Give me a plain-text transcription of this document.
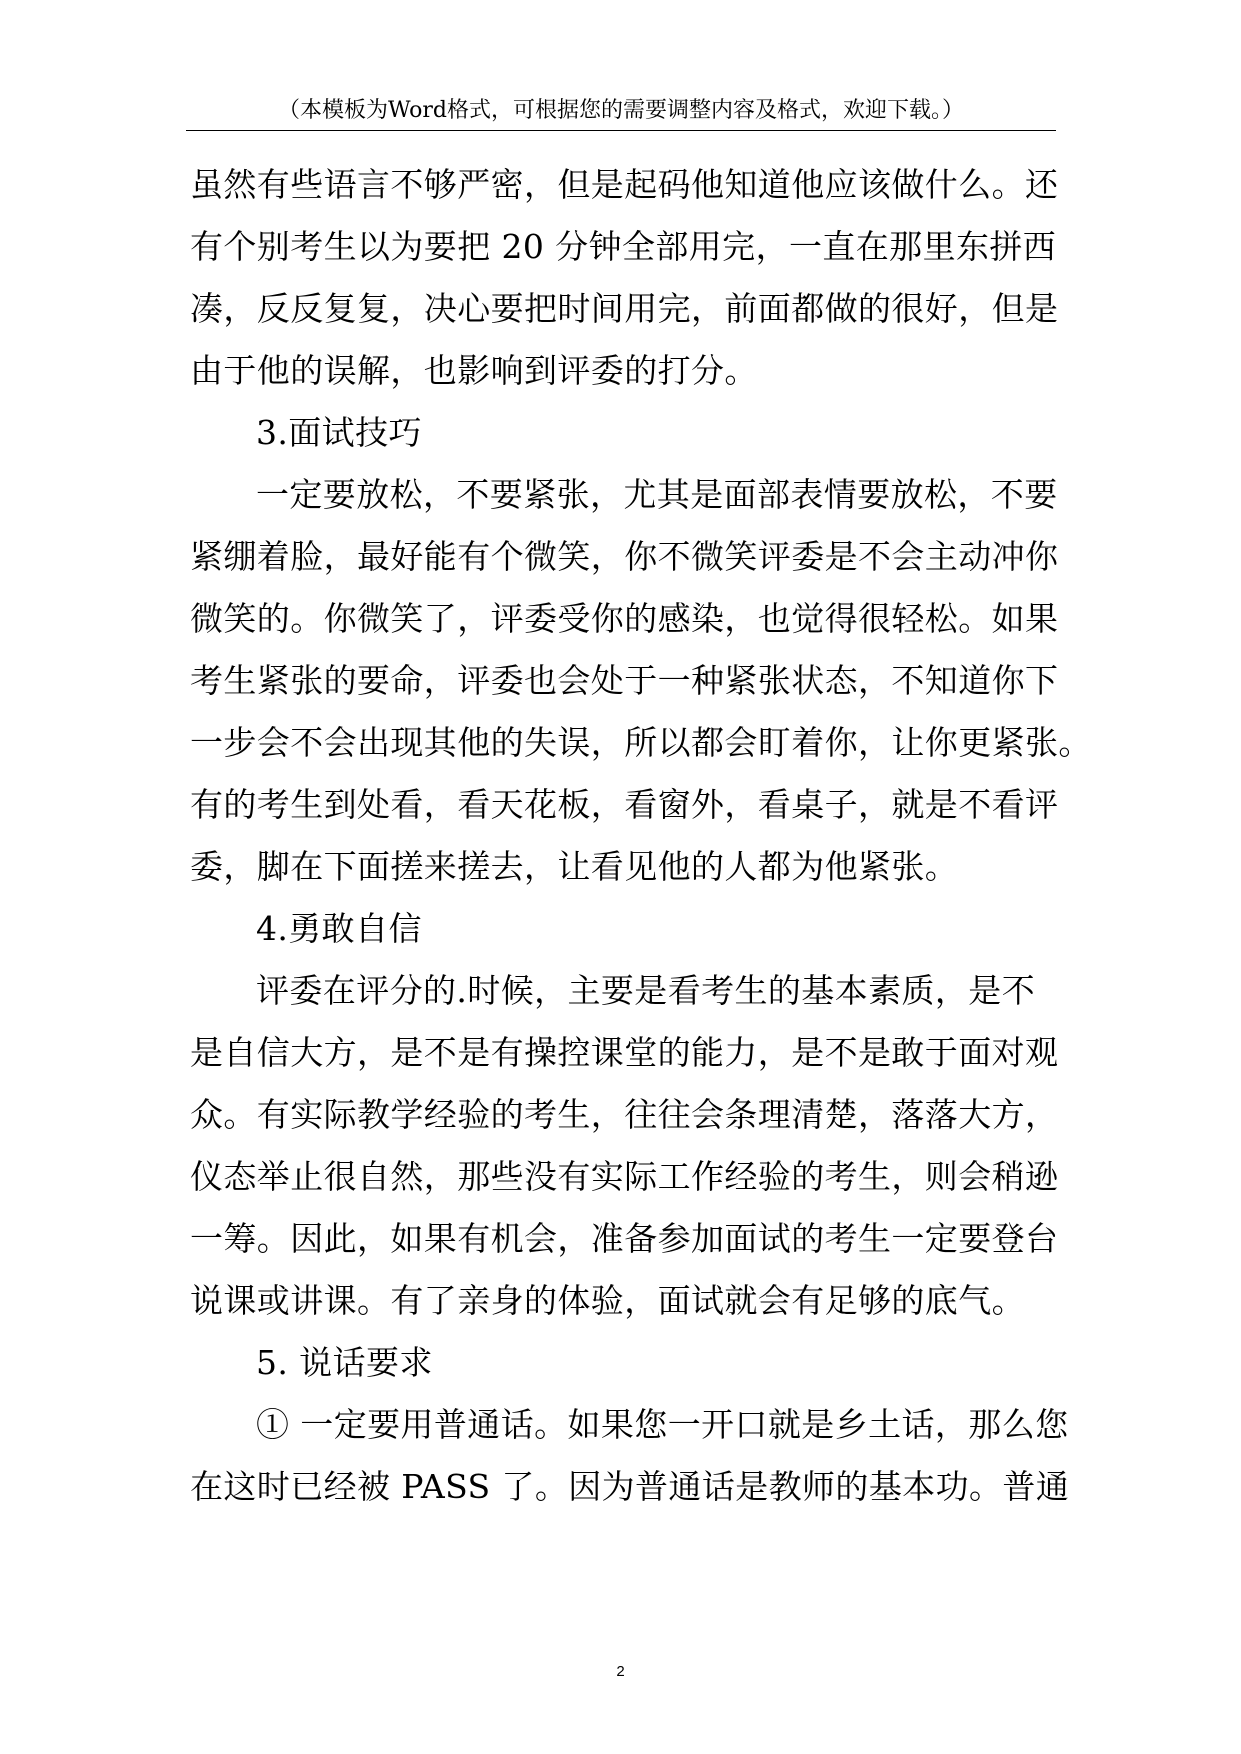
（本模板为Word格式，可根据您的需要调整内容及格式，欢迎下载。）
虽然有些语言不够严密，但是起码他知道他应该做什么。还
有个别考生以为要把 20 分钟全部用完，一直在那里东拼西
凑，反反复复，决心要把时间用完，前面都做的很好，但是
由于他的误解，也影响到评委的打分。
3.面试技巧
一定要放松，不要紧张，尤其是面部表情要放松，不要
紧绷着脸，最好能有个微笑，你不微笑评委是不会主动冲你
微笑的。你微笑了，评委受你的感染，也觉得很轻松。如果
考生紧张的要命，评委也会处于一种紧张状态，不知道你下
一步会不会出现其他的失误，所以都会盯着你，让你更紧张。
有的考生到处看，看天花板，看窗外，看桌子，就是不看评
委，脚在下面搓来搓去，让看见他的人都为他紧张。
4.勇敢自信
评委在评分的.时候，主要是看考生的基本素质，是不
是自信大方，是不是有操控课堂的能力，是不是敢于面对观
众。有实际教学经验的考生，往往会条理清楚，落落大方，
仪态举止很自然，那些没有实际工作经验的考生，则会稍逊
一筹。因此，如果有机会，准备参加面试的考生一定要登台
说课或讲课。有了亲身的体验，面试就会有足够的底气。
5. 说话要求
① 一定要用普通话。如果您一开口就是乡土话，那么您
在这时已经被 PASS 了。因为普通话是教师的基本功。普通
2
